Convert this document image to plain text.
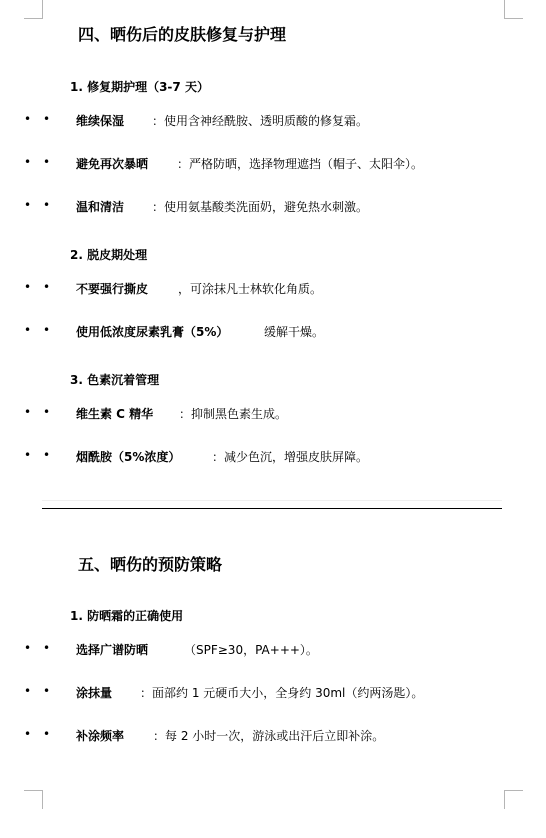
四、晒伤后的皮肤修复与护理
1. 修复期护理（3-7 天）
• • 维续保湿 ：使用含神经酰胺、透明质酸的修复霜。
• • 避免再次暴晒 ：严格防晒，选择物理遮挡（帽子、太阳伞）。
• • 温和清洁 ：使用氨基酸类洗面奶，避免热水刺激。
2. 脱皮期处理
• • 不要强行撕皮 ，可涂抹凡士林软化角质。
• • 使用低浓度尿素乳膏（5%）	缓解干燥。
3. 色素沉着管理
• • 维生素 C 精华 ：抑制黑色素生成。
• • 烟酰胺（5%浓度）	：减少色沉，增强皮肤屏障。
五、晒伤的预防策略
1. 防晒霜的正确使用
• • 选择广谱防晒	（SPF≥30，PA+++）。
• • 涂抹量 ：面部约 1 元硬币大小，全身约 30ml（约两汤匙）。
• • 补涂频率 ：每 2 小时一次，游泳或出汗后立即补涂。
